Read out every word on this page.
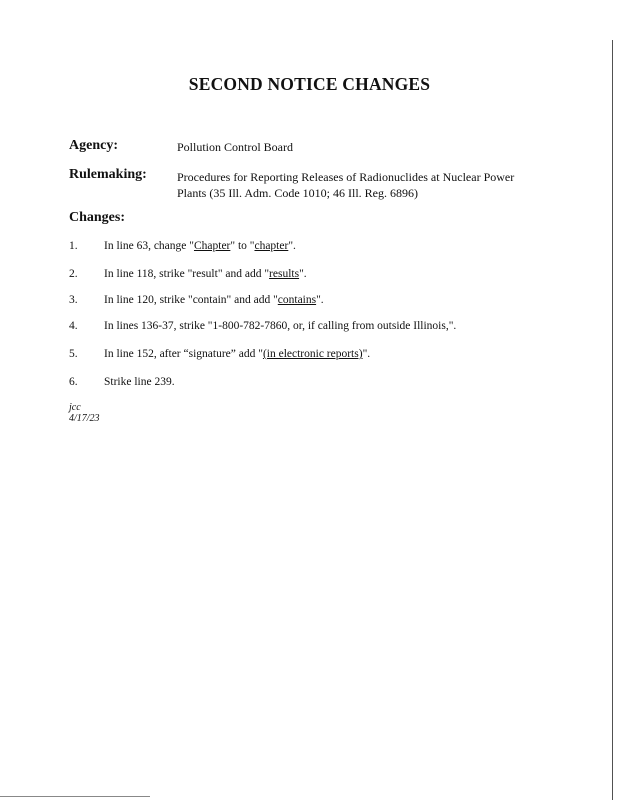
SECOND NOTICE CHANGES
Agency:	Pollution Control Board
Rulemaking:	Procedures for Reporting Releases of Radionuclides at Nuclear Power
Plants (35 Ill. Adm. Code 1010; 46 Ill. Reg. 6896)
Changes:
1. In line 63, change "Chapter" to "chapter".
2. In line 118, strike "result" and add "results".
3. In line 120, strike "contain" and add "contains".
4. In lines 136-37, strike "1-800-782-7860, or, if calling from outside Illinois,".
5. In line 152, after “signature” add "(in electronic reports)".
6. Strike line 239.
jcc
4/17/23
